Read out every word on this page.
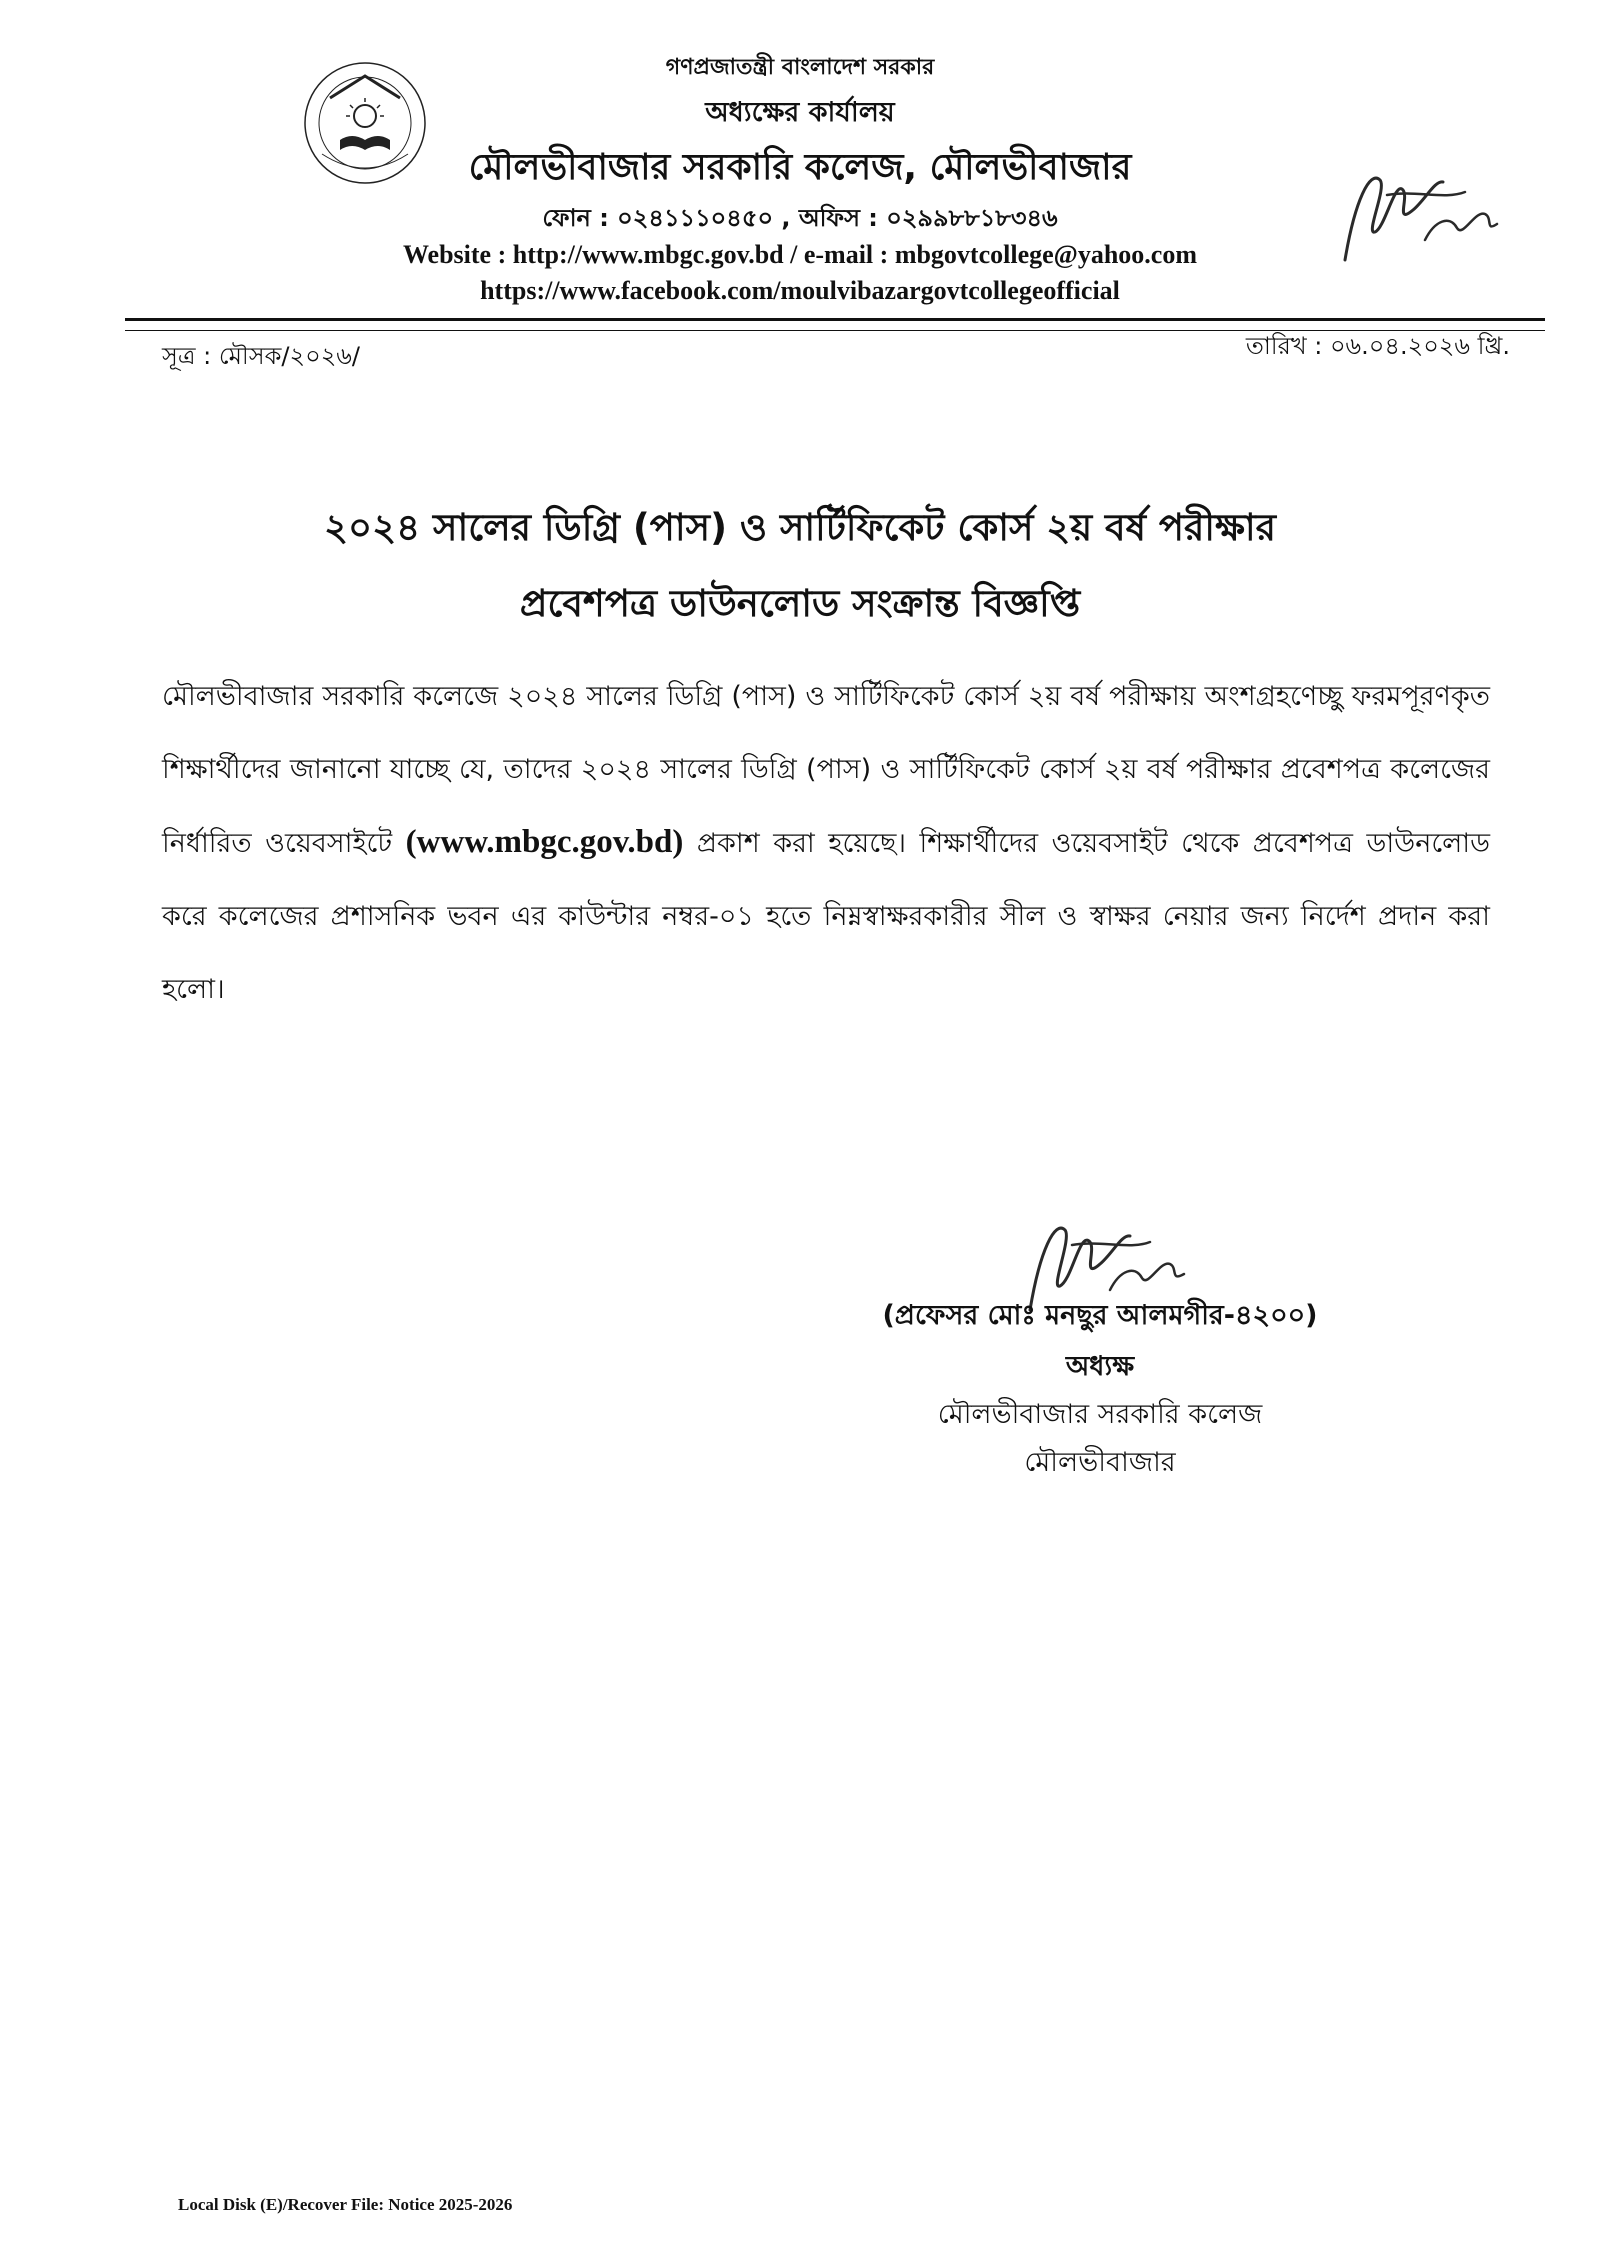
গণপ্রজাতন্ত্রী বাংলাদেশ সরকার
অধ্যক্ষের কার্যালয়
মৌলভীবাজার সরকারি কলেজ, মৌলভীবাজার
ফোন : ০২৪১১১০৪৫০ , অফিস : ০২৯৯৮৮১৮৩৪৬
Website : http://www.mbgc.gov.bd / e-mail : mbgovtcollege@yahoo.com
https://www.facebook.com/moulvibazargovtcollegeofficial
সূত্র : মৌসক/২০২৬/	তারিখ : ০৬.০৪.২০২৬ খ্রি.
২০২৪ সালের ডিগ্রি (পাস) ও সার্টিফিকেট কোর্স ২য় বর্ষ পরীক্ষার
প্রবেশপত্র ডাউনলোড সংক্রান্ত বিজ্ঞপ্তি
মৌলভীবাজার সরকারি কলেজে ২০২৪ সালের ডিগ্রি (পাস) ও সার্টিফিকেট কোর্স ২য় বর্ষ পরীক্ষায় অংশগ্রহণেচ্ছু ফরমপূরণকৃত শিক্ষার্থীদের জানানো যাচ্ছে যে, তাদের ২০২৪ সালের ডিগ্রি (পাস) ও সার্টিফিকেট কোর্স ২য় বর্ষ পরীক্ষার প্রবেশপত্র কলেজের নির্ধারিত ওয়েবসাইটে (www.mbgc.gov.bd) প্রকাশ করা হয়েছে। শিক্ষার্থীদের ওয়েবসাইট থেকে প্রবেশপত্র ডাউনলোড করে কলেজের প্রশাসনিক ভবন এর কাউন্টার নম্বর-০১ হতে নিম্নস্বাক্ষরকারীর সীল ও স্বাক্ষর নেয়ার জন্য নির্দেশ প্রদান করা হলো।
(প্রফেসর মোঃ মনছুর আলমগীর-৪২০০)
অধ্যক্ষ
মৌলভীবাজার সরকারি কলেজ
মৌলভীবাজার
Local Disk (E)/Recover File: Notice 2025-2026
